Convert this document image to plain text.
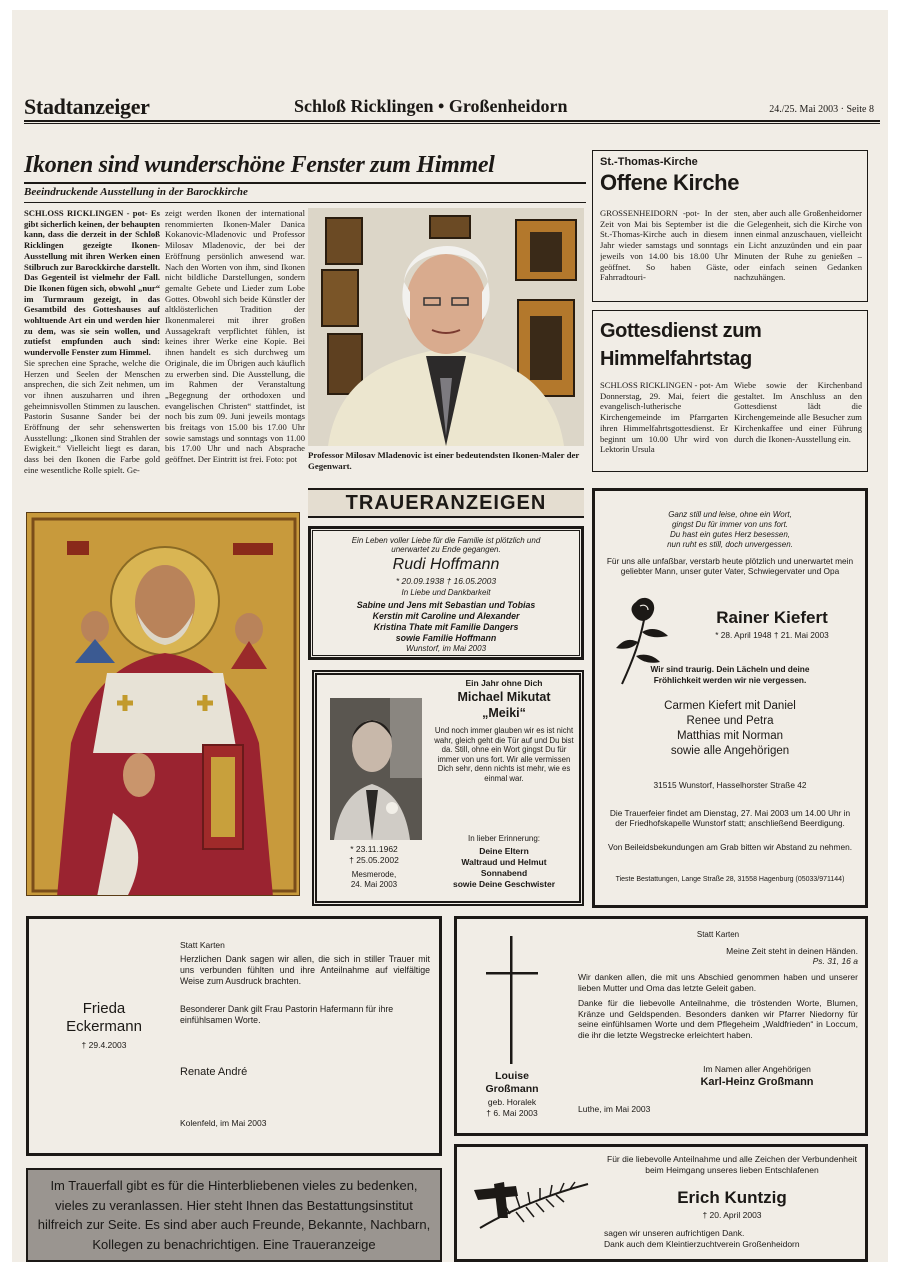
Stadtanzeiger	Schloß Ricklingen • Großenheidorn	24./25. Mai 2003 · Seite 8
Ikonen sind wunderschöne Fenster zum Himmel
Beeindruckende Ausstellung in der Barockkirche

SCHLOSS RICKLINGEN - pot- Es gibt sicherlich keinen, der behaupten kann, dass die derzeit in der Schloß Ricklingen gezeigte Ikonen-Ausstellung mit ihren Werken einen Stilbruch zur Barockkirche darstellt. Das Gegenteil ist vielmehr der Fall. Die Ikonen fügen sich, obwohl „nur“ im Turmraum gezeigt, in das Gesamtbild des Gotteshauses auf wohltuende Art ein und werden hier zu dem, was sie sein wollen, und zutiefst empfunden auch sind: wundervolle Fenster zum Himmel.

Sie sprechen eine Sprache, welche die Herzen und Seelen der Menschen ansprechen, die sich Zeit nehmen, um vor ihnen auszuharren und ihren geheimnisvollen Stimmen zu lauschen. Pastorin Susanne Sander bei der Eröffnung der sehr sehenswerten Ausstellung: „Ikonen sind Strahlen der Ewigkeit.“ Vielleicht liegt es daran, dass bei den Ikonen die Farbe gold eine wesentliche Rolle spielt. Ge-

zeigt werden Ikonen der international renommierten Ikonen-Maler Danica Kokanovic-Mladenovic und Professor Milosav Mladenovic, der bei der Eröffnung persönlich anwesend war. Nach den Worten von ihm, sind Ikonen nicht bildliche Darstellungen, sondern gemalte Gebete und Lieder zum Lobe Gottes. Obwohl sich beide Künstler der altklösterlichen Tradition der Ikonenmalerei mit ihrer großen Aussagekraft verpflichtet fühlen, ist keines ihrer Werke eine Kopie. Bei ihnen handelt es sich durchweg um Originale, die im Übrigen auch käuflich zu erwerben sind. Die Ausstellung, die im Rahmen der Veranstaltung „Begegnung der orthodoxen und evangelischen Christen“ stattfindet, ist noch bis zum 09. Juni jeweils montags bis freitags von 15.00 bis 17.00 Uhr sowie samstags und sonntags von 11.00 bis 17.00 Uhr und nach Absprache geöffnet. Der Eintritt ist frei. Foto: pot	Professor Milosav Mladenovic ist einer bedeutendsten Ikonen-Maler der Gegenwart.
St.-Thomas-Kirche
Offene Kirche
GROSSENHEIDORN -pot- In der Zeit von Mai bis September ist die St.-Thomas-Kirche auch in diesem Jahr wieder samstags und sonntags jeweils von 14.00 bis 18.00 Uhr geöffnet. So haben Gäste, Fahrradtouri-
sten, aber auch alle Großenheidorner die Gelegenheit, sich die Kirche von innen einmal anzuschauen, vielleicht ein Licht anzuzünden und ein paar Minuten der Ruhe zu genießen – oder einfach seinen Gedanken nachzuhängen.
Gottesdienst zum
Himmelfahrtstag
SCHLOSS RICKLINGEN - pot- Am Donnerstag, 29. Mai, feiert die evangelisch-lutherische Kirchengemeinde im Pfarrgarten ihren Himmelfahrtsgottesdienst. Er beginnt um 10.00 Uhr wird von Lektorin Ursula
Wiebe sowie der Kirchenband gestaltet. Im Anschluss an den Gottesdienst lädt die Kirchengemeinde alle Besucher zum Kirchenkaffee und einer Führung durch die Ikonen-Ausstellung ein.
TRAUERANZEIGEN
Ein Leben voller Liebe für die Familie ist plötzlich und
unerwartet zu Ende gegangen.
Rudi Hoffmann
* 20.09.1938 † 16.05.2003
In Liebe und Dankbarkeit
Sabine und Jens mit Sebastian und Tobias
Kerstin mit Caroline und Alexander
Kristina Thate mit Familie Dangers
sowie Familie Hoffmann
Wunstorf, im Mai 2003
Ein Jahr ohne Dich
Michael Mikutat
„Meiki“
Und noch immer glauben wir es ist nicht wahr, gleich geht die Tür auf und Du bist da. Still, ohne ein Wort gingst Du für immer von uns fort. Wir alle vermissen Dich sehr, denn nichts ist mehr, wie es einmal war.
In lieber Erinnerung:
Deine Eltern
Waltraud und Helmut
Sonnabend
sowie Deine Geschwister
* 23.11.1962
† 25.05.2002
Mesmerode,
24. Mai 2003
Ganz still und leise, ohne ein Wort,
gingst Du für immer von uns fort.
Du hast ein gutes Herz besessen,
nun ruht es still, doch unvergessen.
Für uns alle unfaßbar, verstarb heute plötzlich und unerwartet mein geliebter Mann, unser guter Vater, Schwiegervater und Opa
Rainer Kiefert
* 28. April 1948 † 21. Mai 2003
Wir sind traurig. Dein Lächeln und deine
Fröhlichkeit werden wir nie vergessen.
Carmen Kiefert mit Daniel
Renee und Petra
Matthias mit Norman
sowie alle Angehörigen
31515 Wunstorf, Hasselhorster Straße 42
Die Trauerfeier findet am Dienstag, 27. Mai 2003 um 14.00 Uhr in der Friedhofskapelle Wunstorf statt; anschließend Beerdigung.
Von Beileidsbekundungen am Grab bitten wir Abstand zu nehmen.
Tieste Bestattungen, Lange Straße 28, 31558 Hagenburg (05033/971144)
Statt Karten
Herzlichen Dank sagen wir allen, die sich in stiller Trauer mit uns verbunden fühlten und ihre Anteilnahme auf vielfältige Weise zum Ausdruck brachten.
Besonderer Dank gilt Frau Pastorin Hafermann für ihre einfühlsamen Worte.
Frieda
Eckermann
† 29.4.2003
Renate André
Kolenfeld, im Mai 2003
Louise
Großmann
geb. Horalek
† 6. Mai 2003
Statt Karten
Meine Zeit steht in deinen Händen.
Ps. 31, 16 a
Wir danken allen, die mit uns Abschied genommen haben und unserer lieben Mutter und Oma das letzte Geleit gaben.
Danke für die liebevolle Anteilnahme, die tröstenden Worte, Blumen, Kränze und Geldspenden. Besonders danken wir Pfarrer Niedorny für seine einfühlsamen Worte und dem Pflegeheim „Waldfrieden“ in Loccum, die ihr die letzte Wegstrecke erleichtert haben.
Im Namen aller Angehörigen
Karl-Heinz Großmann
Luthe, im Mai 2003
Für die liebevolle Anteilnahme und alle Zeichen der Verbundenheit beim Heimgang unseres lieben Entschlafenen
Erich Kuntzig
† 20. April 2003
sagen wir unseren aufrichtigen Dank.
Dank auch dem Kleintierzuchtverein Großenheidorn
Im Trauerfall gibt es für die Hinterbliebenen vieles zu bedenken, vieles zu veranlassen. Hier steht Ihnen das Bestattungsinstitut hilfreich zur Seite. Es sind aber auch Freunde, Bekannte, Nachbarn, Kollegen zu benachrichtigen. Eine Traueranzeige
